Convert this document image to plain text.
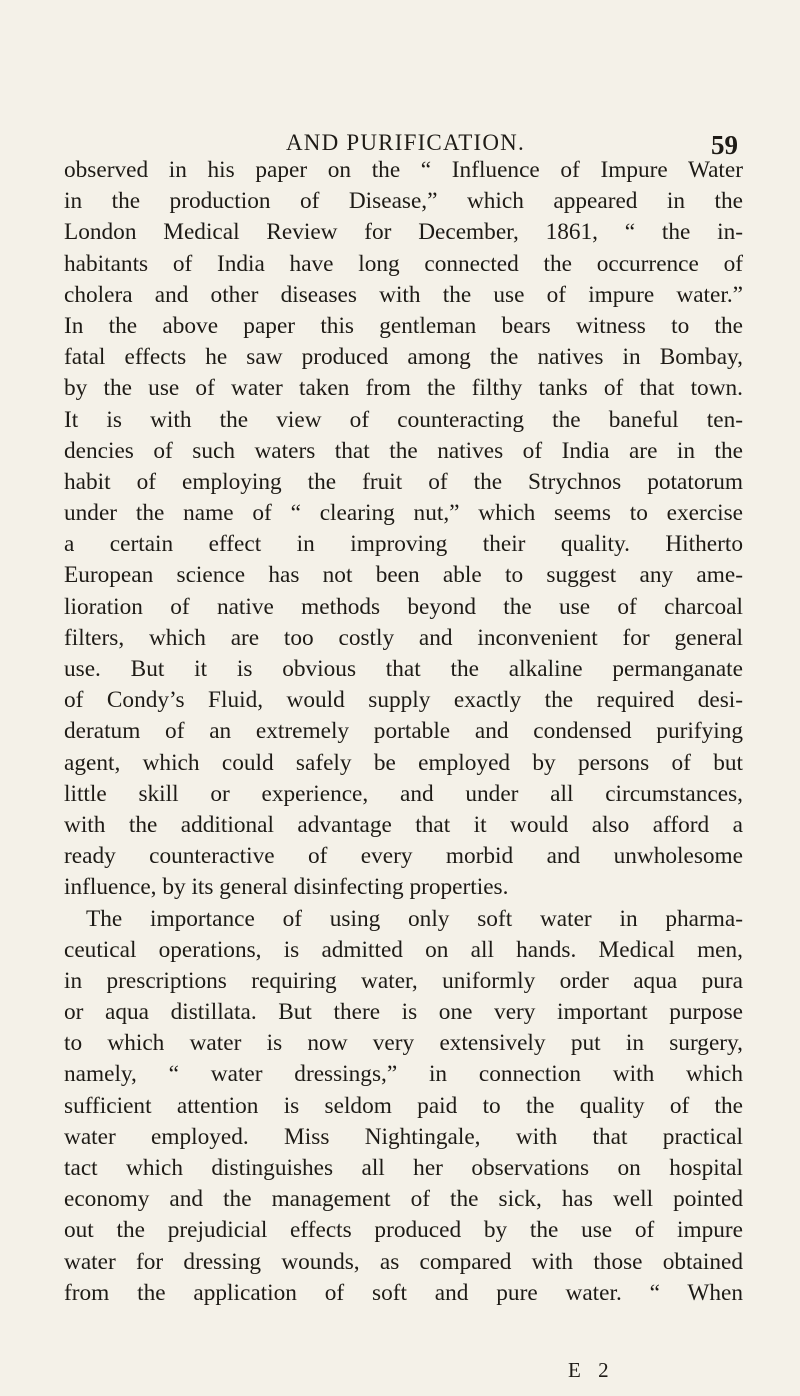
AND PURIFICATION.	59
observed in his paper on the “ Influence of Impure Water
in the production of Disease,” which appeared in the
London Medical Review for December, 1861, “ the in-
habitants of India have long connected the occurrence of
cholera and other diseases with the use of impure water.”
In the above paper this gentleman bears witness to the
fatal effects he saw produced among the natives in Bombay,
by the use of water taken from the filthy tanks of that town.
It is with the view of counteracting the baneful ten-
dencies of such waters that the natives of India are in the
habit of employing the fruit of the Strychnos potatorum
under the name of “ clearing nut,” which seems to exercise
a certain effect in improving their quality. Hitherto
European science has not been able to suggest any ame-
lioration of native methods beyond the use of charcoal
filters, which are too costly and inconvenient for general
use. But it is obvious that the alkaline permanganate
of Condy’s Fluid, would supply exactly the required desi-
deratum of an extremely portable and condensed purifying
agent, which could safely be employed by persons of but
little skill or experience, and under all circumstances,
with the additional advantage that it would also afford a
ready counteractive of every morbid and unwholesome
influence, by its general disinfecting properties.
The importance of using only soft water in pharma-
ceutical operations, is admitted on all hands. Medical men,
in prescriptions requiring water, uniformly order aqua pura
or aqua distillata. But there is one very important purpose
to which water is now very extensively put in surgery,
namely, “ water dressings,” in connection with which
sufficient attention is seldom paid to the quality of the
water employed. Miss Nightingale, with that practical
tact which distinguishes all her observations on hospital
economy and the management of the sick, has well pointed
out the prejudicial effects produced by the use of impure
water for dressing wounds, as compared with those obtained
from the application of soft and pure water. “ When
E 2
